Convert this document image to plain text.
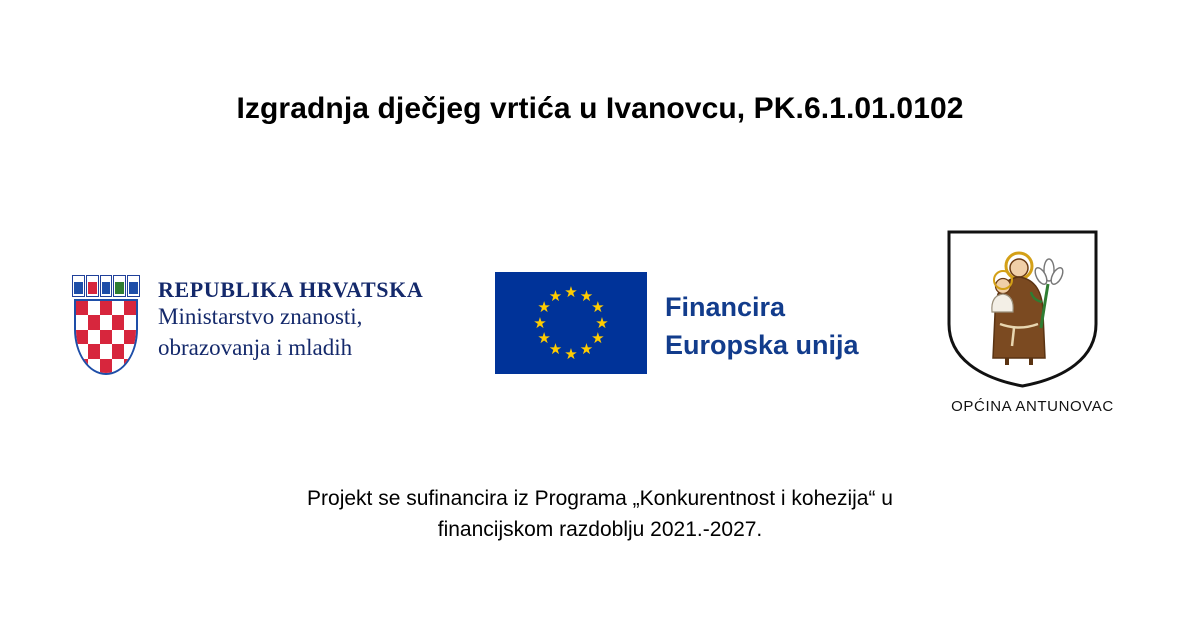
Izgradnja dječjeg vrtića u Ivanovcu, PK.6.1.01.0102
REPUBLIKA HRVATSKA
Ministarstvo znanosti,
obrazovanja i mladih
★ ★
★
★
★
★
★
★
★
★
★
★	Financira
Europska unija
OPĆINA ANTUNOVAC
Projekt se sufinancira iz Programa „Konkurentnost i kohezija“ u
financijskom razdoblju 2021.-2027.
